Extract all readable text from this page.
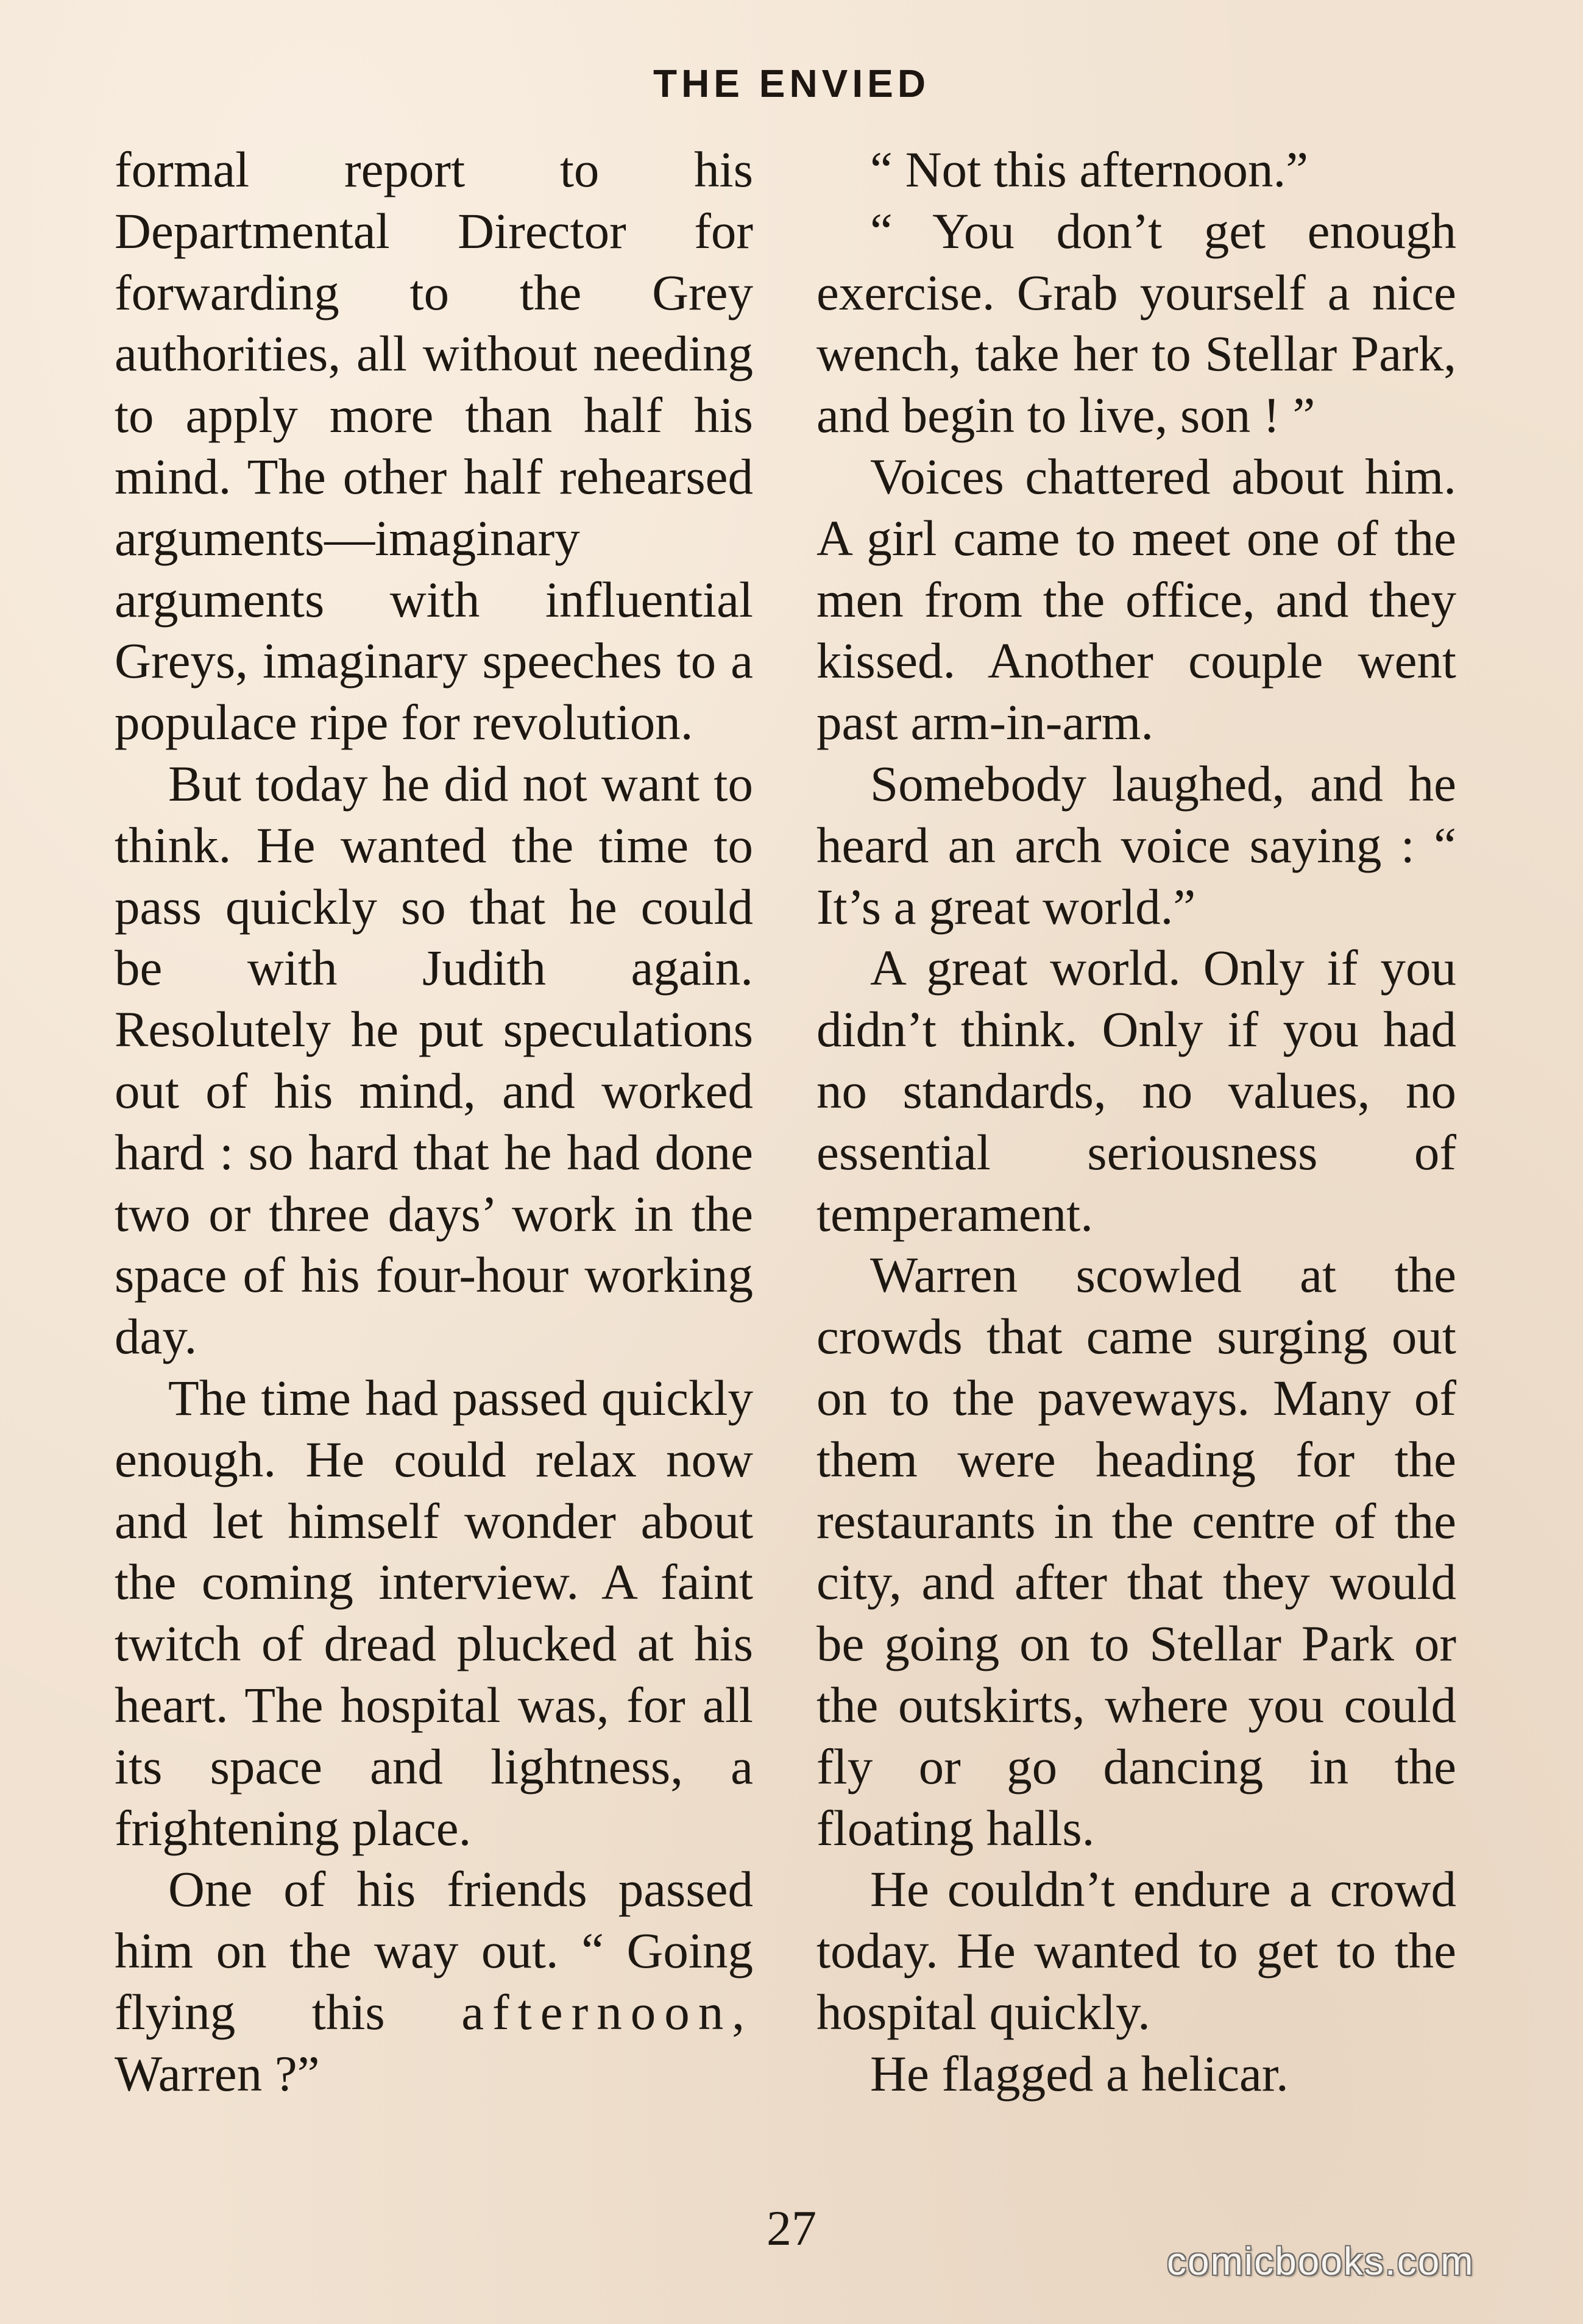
THE ENVIED

formal report to his Departmental Director for forwarding to the Grey authorities, all without needing to apply more than half his mind. The other half rehearsed arguments—imaginary arguments with influential Greys, imaginary speeches to a populace ripe for revolution.

But today he did not want to think. He wanted the time to pass quickly so that he could be with Judith again. Resolutely he put speculations out of his mind, and worked hard : so hard that he had done two or three days’ work in the space of his four-hour working day.

The time had passed quickly enough. He could relax now and let himself wonder about the coming interview. A faint twitch of dread plucked at his heart. The hospital was, for all its space and lightness, a frightening place.

One of his friends passed him on the way out. “ Going flying this afternoon, Warren ?”

“ Not this afternoon.”

“ You don’t get enough exercise. Grab yourself a nice wench, take her to Stellar Park, and begin to live, son ! ”

Voices chattered about him. A girl came to meet one of the men from the office, and they kissed. Another couple went past arm-in-arm.

Somebody laughed, and he heard an arch voice saying : “ It’s a great world.”

A great world. Only if you didn’t think. Only if you had no standards, no values, no essential seriousness of temperament.

Warren scowled at the crowds that came surging out on to the paveways. Many of them were heading for the restaurants in the centre of the city, and after that they would be going on to Stellar Park or the outskirts, where you could fly or go dancing in the floating halls.

He couldn’t endure a crowd today. He wanted to get to the hospital quickly.

He flagged a helicar.

27
comicbooks.com
